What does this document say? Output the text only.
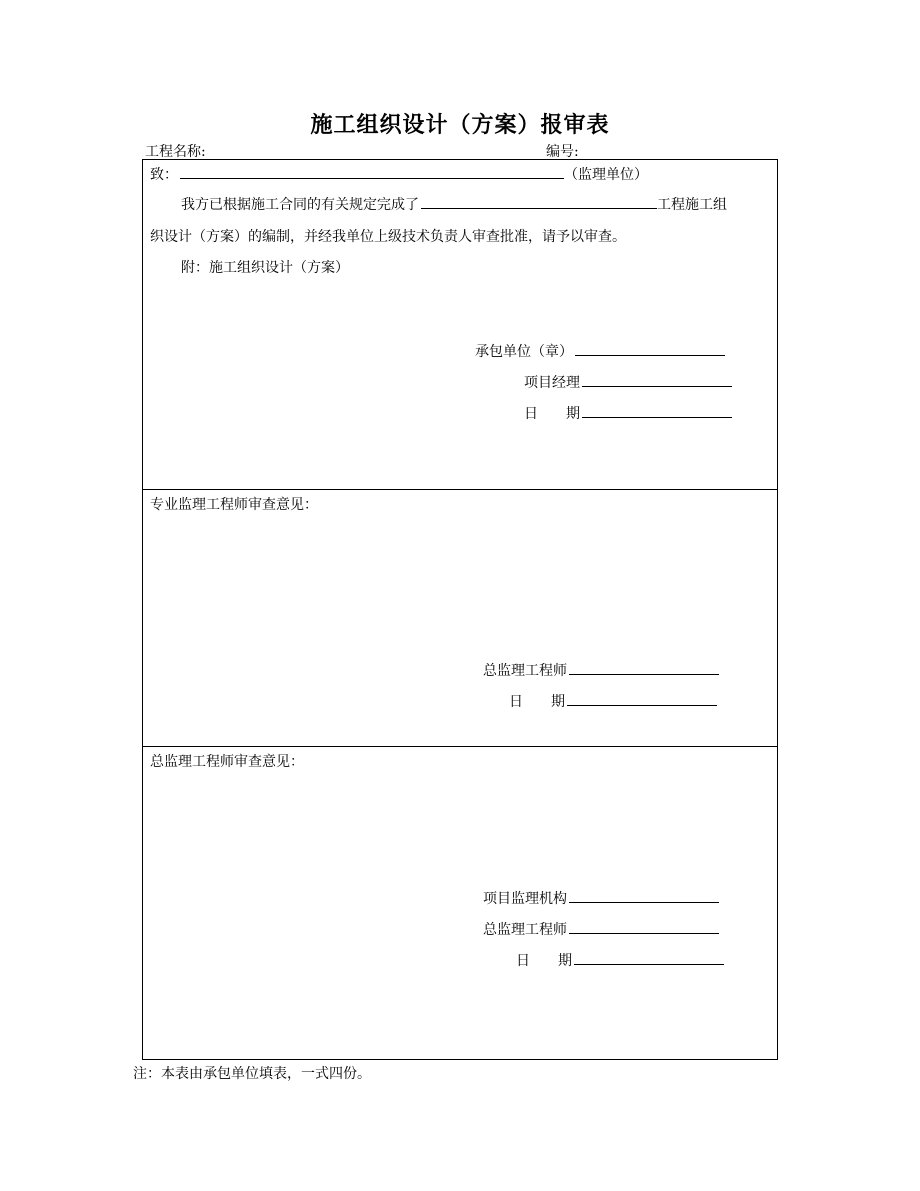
施工组织设计（方案）报审表
工程名称:	编号:
致：	（监理单位）
我方已根据施工合同的有关规定完成了	工程施工组
织设计（方案）的编制，并经我单位上级技术负责人审查批准，请予以审查。
附：施工组织设计（方案）
承包单位（章）
项目经理
日　　期
专业监理工程师审查意见：
总监理工程师
日　　期
总监理工程师审查意见：
项目监理机构
总监理工程师
日　　期
注：本表由承包单位填表，一式四份。
